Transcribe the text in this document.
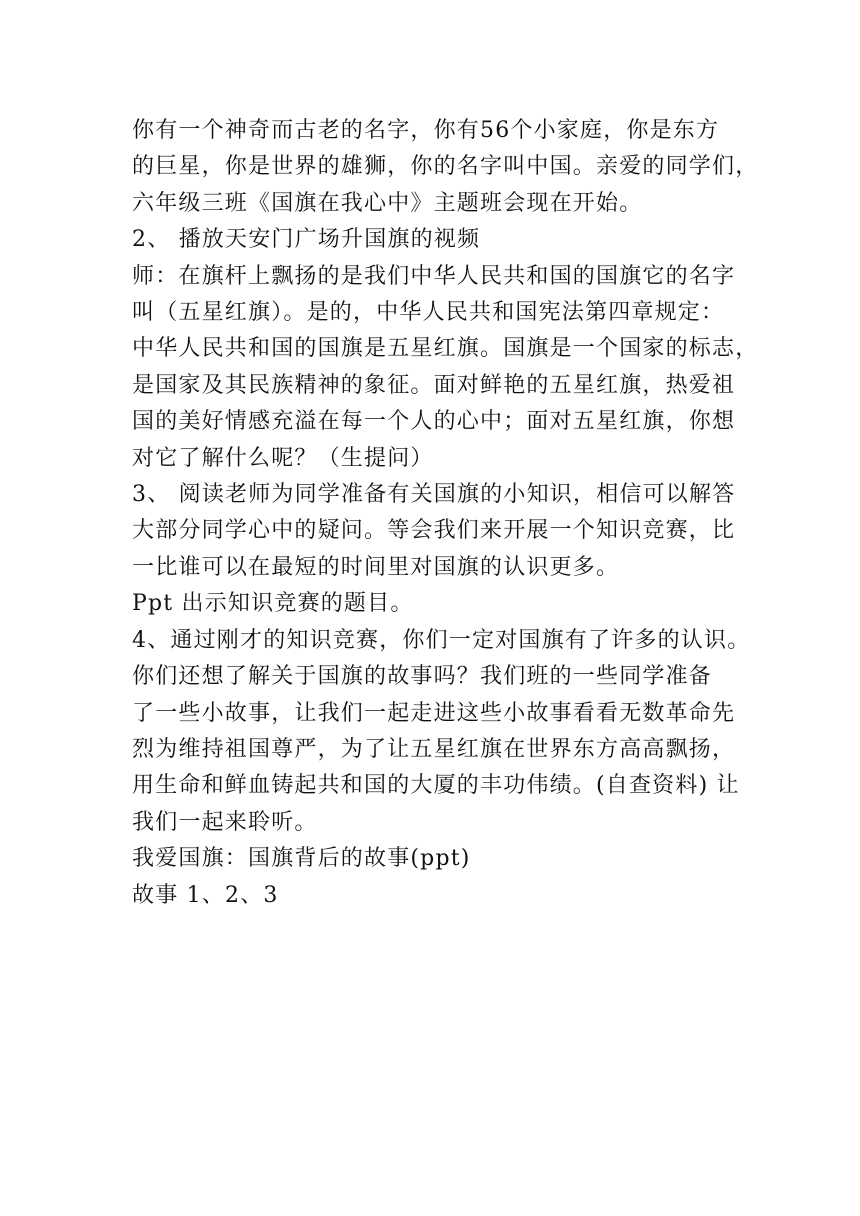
你有一个神奇而古老的名字，你有56个小家庭，你是东方
的巨星，你是世界的雄狮，你的名字叫中国。亲爱的同学们，
六年级三班《国旗在我心中》主题班会现在开始。
2、 播放天安门广场升国旗的视频
师：在旗杆上飘扬的是我们中华人民共和国的国旗它的名字
叫（五星红旗）。是的，中华人民共和国宪法第四章规定：
中华人民共和国的国旗是五星红旗。国旗是一个国家的标志，
是国家及其民族精神的象征。面对鲜艳的五星红旗，热爱祖
国的美好情感充溢在每一个人的心中；面对五星红旗，你想
对它了解什么呢？（生提问）
3、 阅读老师为同学准备有关国旗的小知识，相信可以解答
大部分同学心中的疑问。等会我们来开展一个知识竞赛，比
一比谁可以在最短的时间里对国旗的认识更多。
Ppt 出示知识竞赛的题目。
4、通过刚才的知识竞赛，你们一定对国旗有了许多的认识。
你们还想了解关于国旗的故事吗？我们班的一些同学准备
了一些小故事，让我们一起走进这些小故事看看无数革命先
烈为维持祖国尊严，为了让五星红旗在世界东方高高飘扬，
用生命和鲜血铸起共和国的大厦的丰功伟绩。(自查资料) 让
我们一起来聆听。
我爱国旗：国旗背后的故事(ppt)
故事 1、2、3
